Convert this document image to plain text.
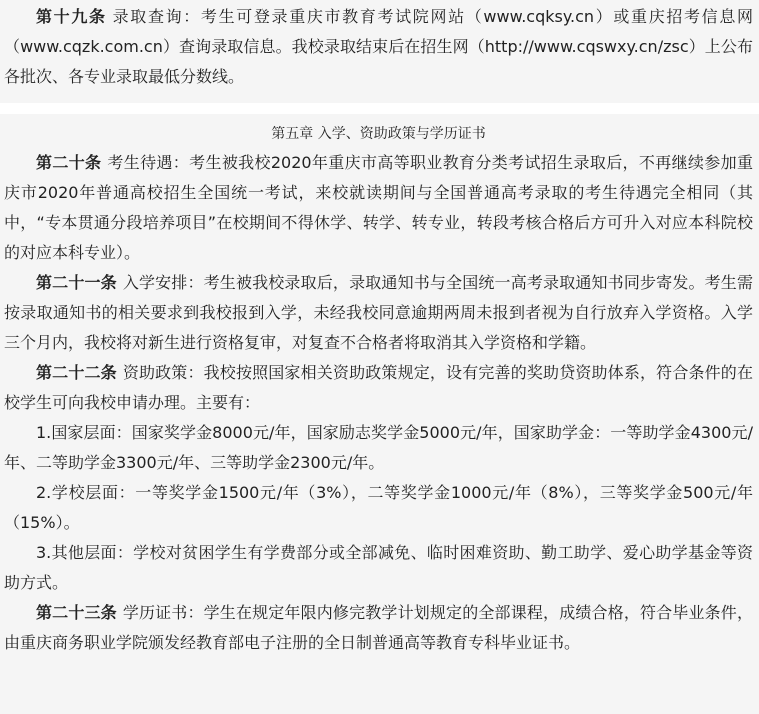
第十九条 录取查询：考生可登录重庆市教育考试院网站（www.cqksy.cn）或重庆招考信息网（www.cqzk.com.cn）查询录取信息。我校录取结束后在招生网（http://www.cqswxy.cn/zsc）上公布各批次、各专业录取最低分数线。

第五章 入学、资助政策与学历证书

第二十条 考生待遇：考生被我校2020年重庆市高等职业教育分类考试招生录取后，不再继续参加重庆市2020年普通高校招生全国统一考试，来校就读期间与全国普通高考录取的考生待遇完全相同（其中，“专本贯通分段培养项目”在校期间不得休学、转学、转专业，转段考核合格后方可升入对应本科院校的对应本科专业）。

第二十一条 入学安排：考生被我校录取后，录取通知书与全国统一高考录取通知书同步寄发。考生需按录取通知书的相关要求到我校报到入学，未经我校同意逾期两周未报到者视为自行放弃入学资格。入学三个月内，我校将对新生进行资格复审，对复查不合格者将取消其入学资格和学籍。

第二十二条 资助政策：我校按照国家相关资助政策规定，设有完善的奖助贷资助体系，符合条件的在校学生可向我校申请办理。主要有：

1.国家层面：国家奖学金8000元/年，国家励志奖学金5000元/年，国家助学金：一等助学金4300元/年、二等助学金3300元/年、三等助学金2300元/年。

2.学校层面：一等奖学金1500元/年（3%），二等奖学金1000元/年（8%），三等奖学金500元/年（15%）。

3.其他层面：学校对贫困学生有学费部分或全部减免、临时困难资助、勤工助学、爱心助学基金等资助方式。

第二十三条 学历证书：学生在规定年限内修完教学计划规定的全部课程，成绩合格，符合毕业条件，由重庆商务职业学院颁发经教育部电子注册的全日制普通高等教育专科毕业证书。
